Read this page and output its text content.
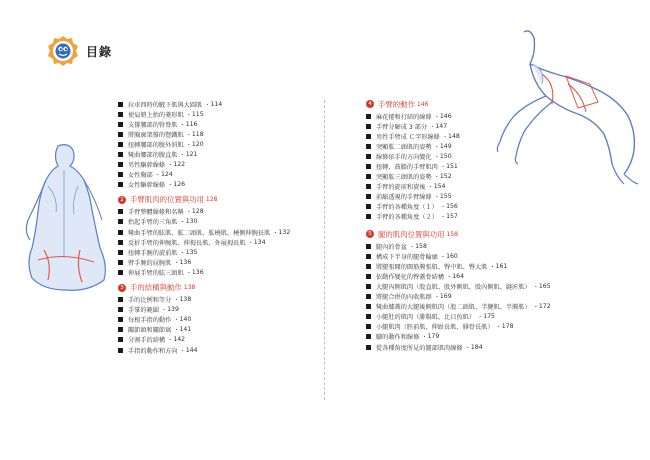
目錄
拉車西時的腋下肌與大圓肌 ・ 114
使肩膀上抬的菱形肌 ・ 115
支撐腰部的腎脊肌 ・ 116
將胸廓架撐的豎鐵肌 ・ 118
扭轉腰部的腹外斜肌 ・ 120
彎曲腰部的腹直肌 ・ 121
男性驅幹線條 ・ 122
女性胸部 ・ 124
女性驅幹線條 ・ 126
2 手臂肌肉的位置與功用 128
手臂整體線條和名稱 ・ 128
抬起手臂的三角肌 ・ 130
彎曲手臂的肱肌、肱二頭肌、肱橈肌、橈側伸腕長肌 ・ 132
反折手臂的伸腕肌、伸拇長肌、外展拇長肌 ・ 134
扭轉手腕的旋前肌 ・ 135
臂手腕的屈腕肌 ・ 136
伸展手臂的肱三頭肌 ・ 136
3 手的結構與動作 138
手的比例和等分 ・ 138
手掌的範圍 ・ 139
每根手指的動作 ・ 140
關節頭和關節窩 ・ 141
分割手的結構 ・ 142
手指的動作和方向 ・ 144
4 手臂的動作 146
麻花捲和打結的線條 ・ 146
手臂分解成 3 部分 ・ 147
男性手臂成 Ｃ字形線條 ・ 148
突顯肱二頭肌的姿勢 ・ 149
線條依手的方向變化 ・ 150
扭轉、鼓脹的手臂肌肉 ・ 151
突顯肱三頭肌的姿勢 ・ 152
手臂的旋前和旋後 ・ 154
前縮透視的手臂線條 ・ 155
手臂的各種角度（１） ・ 156
手臂的各種角度（２） ・ 157
5 腿的肌肉位置與功用 158
腿內的骨盆 ・ 158
構成下半身的腿骨輪廓 ・ 160
將腿張開的闊筋膜張肌、臀中肌、臀大肌 ・ 161
依動作變化的臀蓋骨結構 ・ 164
大腿內側肌肉（股直肌、股外側肌、股內側肌、縫匠肌） ・ 165
將腿合併的內收肌群 ・ 169
彎曲膝蓋的大腿後側肌肉（股二頭肌、半腱肌、半膜肌） ・ 172
小腿肚的肌肉（腓腸肌、比目魚肌） ・ 175
小腿肌肉（脛前肌、伸趾長肌、腓骨長肌） ・ 178
腳的動作和線條 ・ 179
從各種角度所見的腿部肌肉線條 ・ 184
